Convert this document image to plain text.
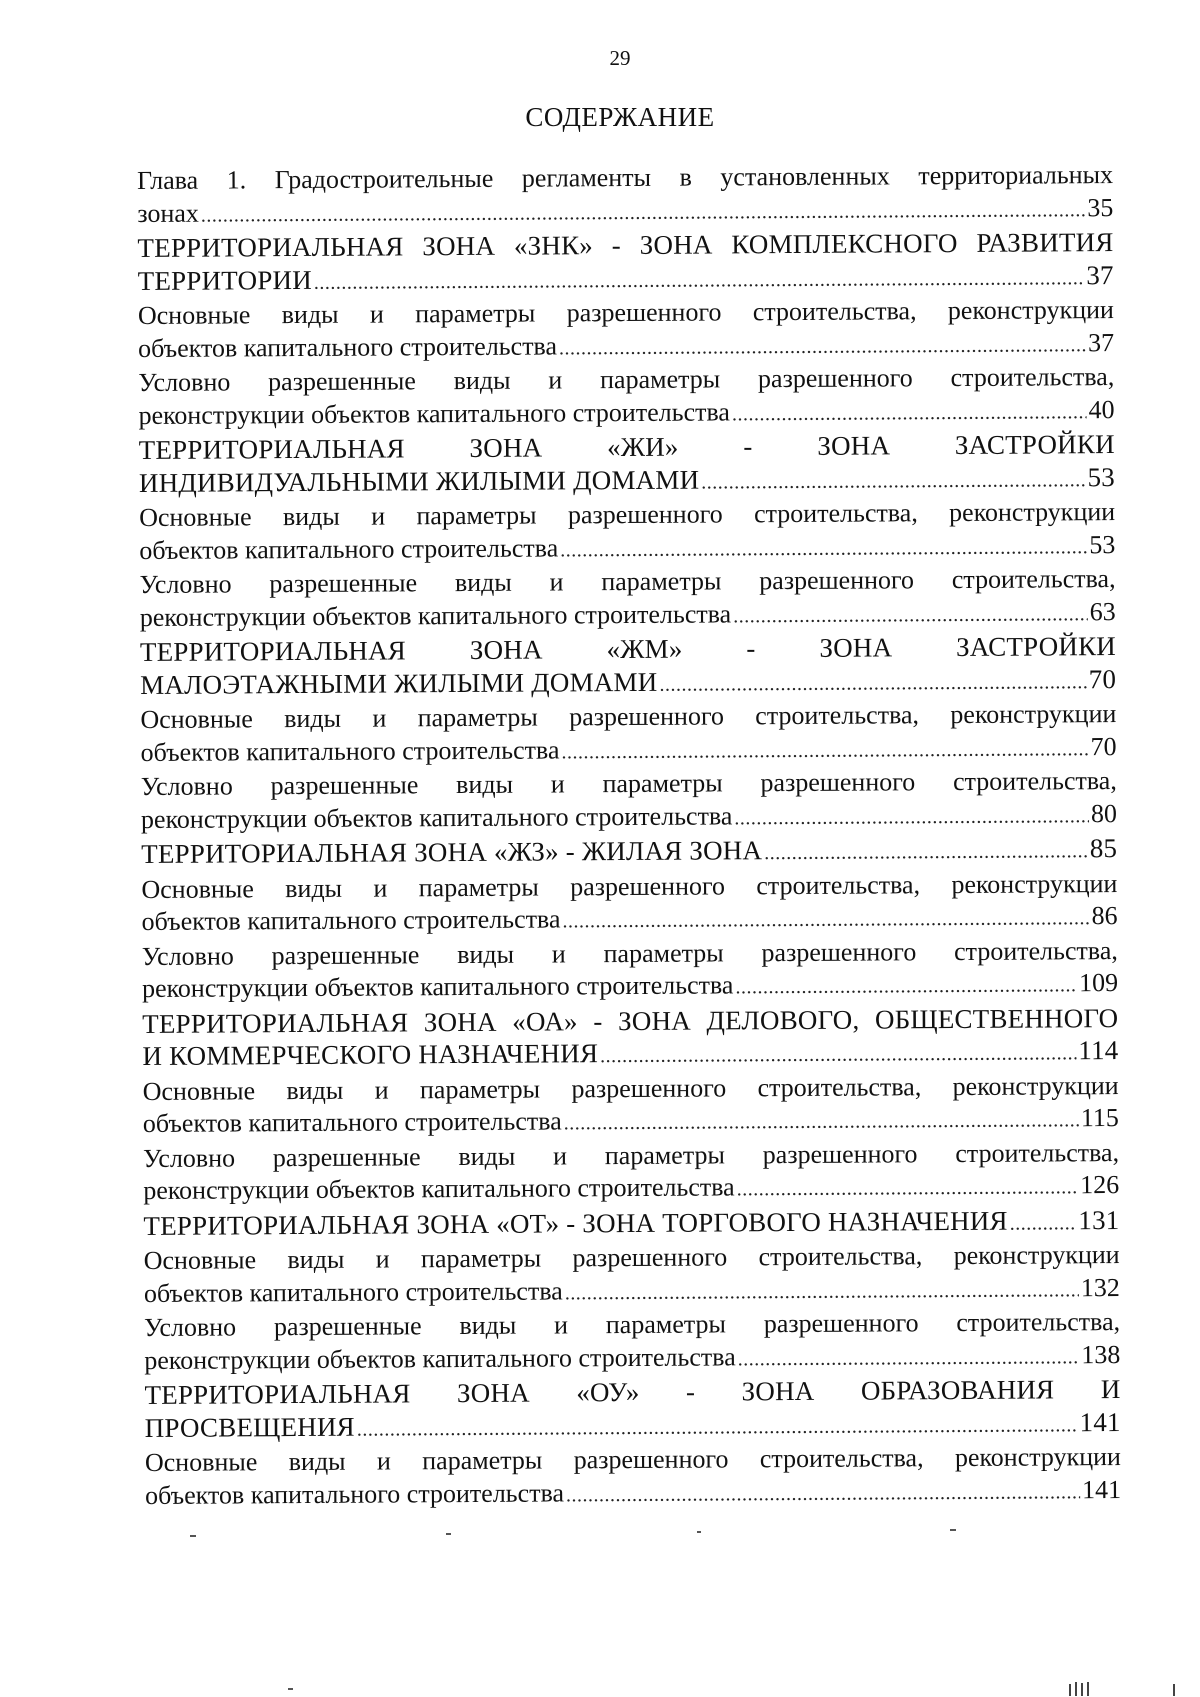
29
СОДЕРЖАНИЕ
Глава 1. Градостроительные регламенты в установленных территориальных
зонах .....	35
ТЕРРИТОРИАЛЬНАЯ ЗОНА «ЗНК» - ЗОНА КОМПЛЕКСНОГО РАЗВИТИЯ
ТЕРРИТОРИИ .....	37
Основные виды и параметры разрешенного строительства, реконструкции
объектов капитального строительства .....	37
Условно разрешенные виды и параметры разрешенного строительства,
реконструкции объектов капитального строительства .....	40
ТЕРРИТОРИАЛЬНАЯ ЗОНА «ЖИ» - ЗОНА ЗАСТРОЙКИ
ИНДИВИДУАЛЬНЫМИ ЖИЛЫМИ ДОМАМИ .....	53
Основные виды и параметры разрешенного строительства, реконструкции
объектов капитального строительства .....	53
Условно разрешенные виды и параметры разрешенного строительства,
реконструкции объектов капитального строительства .....	63
ТЕРРИТОРИАЛЬНАЯ ЗОНА «ЖМ» - ЗОНА ЗАСТРОЙКИ
МАЛОЭТАЖНЫМИ ЖИЛЫМИ ДОМАМИ .....	70
Основные виды и параметры разрешенного строительства, реконструкции
объектов капитального строительства .....	70
Условно разрешенные виды и параметры разрешенного строительства,
реконструкции объектов капитального строительства .....	80
ТЕРРИТОРИАЛЬНАЯ ЗОНА «ЖЗ» - ЖИЛАЯ ЗОНА .....	85
Основные виды и параметры разрешенного строительства, реконструкции
объектов капитального строительства .....	86
Условно разрешенные виды и параметры разрешенного строительства,
реконструкции объектов капитального строительства .....	109
ТЕРРИТОРИАЛЬНАЯ ЗОНА «ОА» - ЗОНА ДЕЛОВОГО, ОБЩЕСТВЕННОГО
И КОММЕРЧЕСКОГО НАЗНАЧЕНИЯ .....	114
Основные виды и параметры разрешенного строительства, реконструкции
объектов капитального строительства .....	115
Условно разрешенные виды и параметры разрешенного строительства,
реконструкции объектов капитального строительства .....	126
ТЕРРИТОРИАЛЬНАЯ ЗОНА «ОТ» - ЗОНА ТОРГОВОГО НАЗНАЧЕНИЯ .....	131
Основные виды и параметры разрешенного строительства, реконструкции
объектов капитального строительства .....	132
Условно разрешенные виды и параметры разрешенного строительства,
реконструкции объектов капитального строительства .....	138
ТЕРРИТОРИАЛЬНАЯ ЗОНА «ОУ» - ЗОНА ОБРАЗОВАНИЯ И
ПРОСВЕЩЕНИЯ .....	141
Основные виды и параметры разрешенного строительства, реконструкции
объектов капитального строительства .....	141
